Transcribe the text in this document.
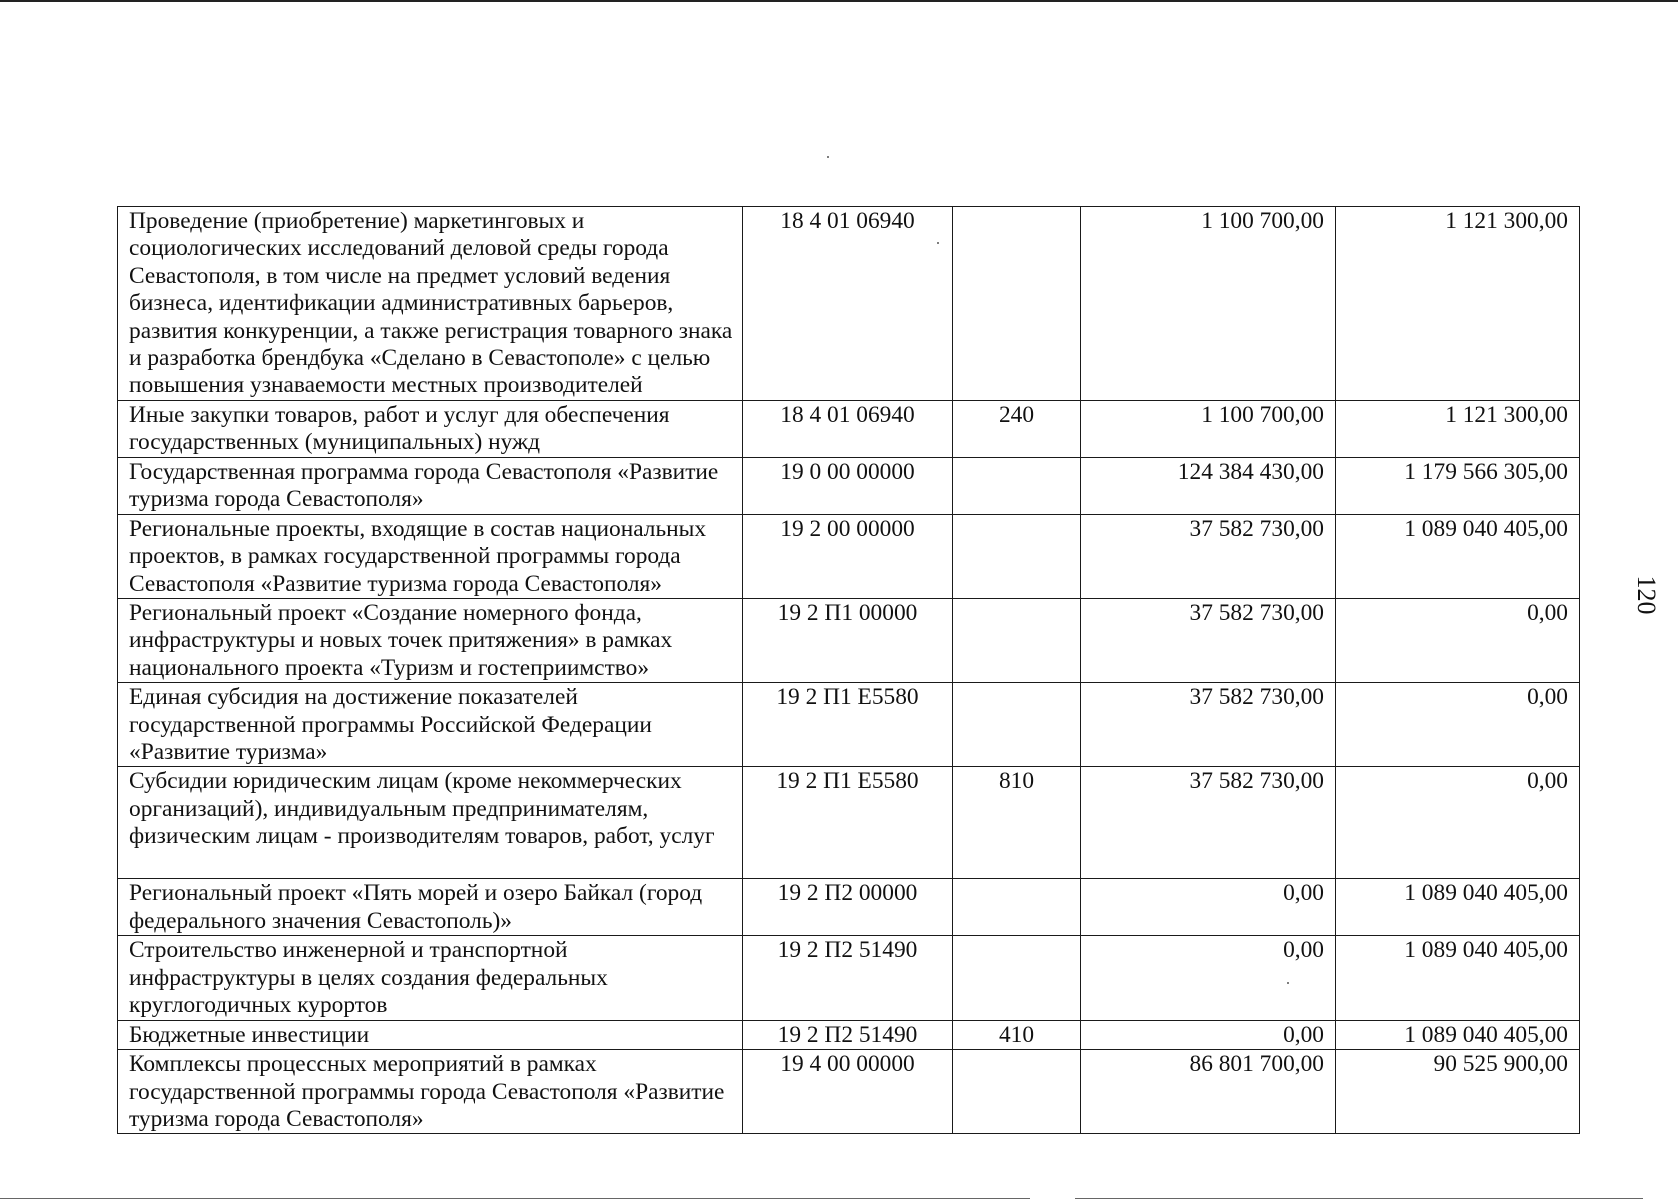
Проведение (приобретение) маркетинговых и социологических исследований деловой среды города Севастополя, в том числе на предмет условий ведения бизнеса, идентификации административных барьеров, развития конкуренции, а также регистрация товарного знака и разработка брендбука «Сделано в Севастополе» с целью повышения узнаваемости местных производителей	18 4 01 06940		1 100 700,00	1 121 300,00
Иные закупки товаров, работ и услуг для обеспечения государственных (муниципальных) нужд	18 4 01 06940	240	1 100 700,00	1 121 300,00
Государственная программа города Севастополя «Развитие туризма города Севастополя»	19 0 00 00000		124 384 430,00	1 179 566 305,00
Региональные проекты, входящие в состав национальных проектов, в рамках государственной программы города Севастополя «Развитие туризма города Севастополя»	19 2 00 00000		37 582 730,00	1 089 040 405,00
Региональный проект «Создание номерного фонда, инфраструктуры и новых точек притяжения» в рамках национального проекта «Туризм и гостеприимство»	19 2 П1 00000		37 582 730,00	0,00
Единая субсидия на достижение показателей государственной программы Российской Федерации «Развитие туризма»	19 2 П1 Е5580		37 582 730,00	0,00
Субсидии юридическим лицам (кроме некоммерческих организаций), индивидуальным предпринимателям, физическим лицам - производителям товаров, работ, услуг	19 2 П1 Е5580	810	37 582 730,00	0,00
Региональный проект «Пять морей и озеро Байкал (город федерального значения Севастополь)»	19 2 П2 00000		0,00	1 089 040 405,00
Строительство инженерной и транспортной инфраструктуры в целях создания федеральных круглогодичных курортов	19 2 П2 51490		0,00	1 089 040 405,00
Бюджетные инвестиции	19 2 П2 51490	410	0,00	1 089 040 405,00
Комплексы процессных мероприятий в рамках государственной программы города Севастополя «Развитие туризма города Севастополя»	19 4 00 00000		86 801 700,00	90 525 900,00
120
